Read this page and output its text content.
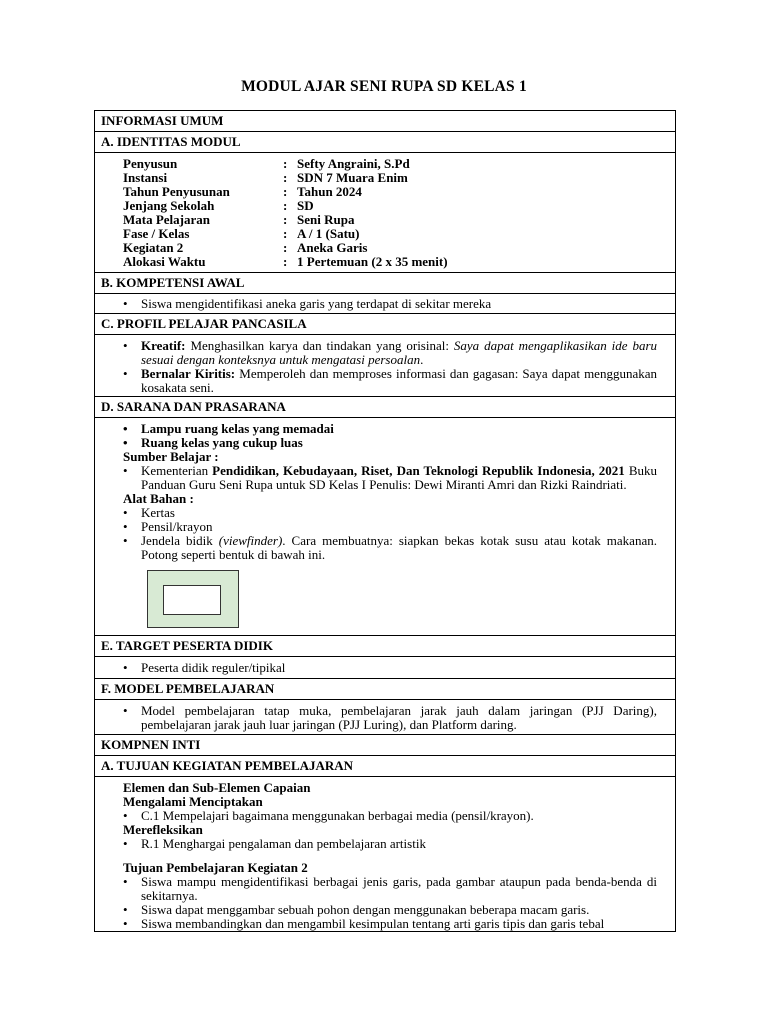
MODUL AJAR SENI RUPA SD KELAS 1
INFORMASI UMUM
A. IDENTITAS MODUL

Penyusun	: Sefty Angraini, S.Pd
Instansi	: SDN 7 Muara Enim
Tahun Penyusunan	: Tahun 2024
Jenjang Sekolah	: SD
Mata Pelajaran	: Seni Rupa
Fase / Kelas	: A / 1 (Satu)
Kegiatan 2	: Aneka Garis
Alokasi Waktu	: 1 Pertemuan (2 x 35 menit)

B. KOMPETENSI AWAL

• Siswa mengidentifikasi aneka garis yang terdapat di sekitar mereka

C. PROFIL PELAJAR PANCASILA

• Kreatif: Menghasilkan karya dan tindakan yang orisinal: Saya dapat mengaplikasikan ide baru sesuai dengan konteksnya untuk mengatasi persoalan.
• Bernalar Kiritis: Memperoleh dan memproses informasi dan gagasan: Saya dapat menggunakan kosakata seni.

D. SARANA DAN PRASARANA

• Lampu ruang kelas yang memadai
• Ruang kelas yang cukup luas
Sumber Belajar :
• Kementerian Pendidikan, Kebudayaan, Riset, Dan Teknologi Republik Indonesia, 2021 Buku Panduan Guru Seni Rupa untuk SD Kelas I Penulis: Dewi Miranti Amri dan Rizki Raindriati.
Alat Bahan :
• Kertas
• Pensil/krayon
• Jendela bidik (viewfinder). Cara membuatnya: siapkan bekas kotak susu atau kotak makanan. Potong seperti bentuk di bawah ini.

E. TARGET PESERTA DIDIK

• Peserta didik reguler/tipikal

F. MODEL PEMBELAJARAN

• Model pembelajaran tatap muka, pembelajaran jarak jauh dalam jaringan (PJJ Daring), pembelajaran jarak jauh luar jaringan (PJJ Luring), dan Platform daring.

KOMPNEN INTI
A. TUJUAN KEGIATAN PEMBELAJARAN

Elemen dan Sub-Elemen Capaian
Mengalami Menciptakan
• C.1 Mempelajari bagaimana menggunakan berbagai media (pensil/krayon).
Merefleksikan
• R.1 Menghargai pengalaman dan pembelajaran artistik
Tujuan Pembelajaran Kegiatan 2
• Siswa mampu mengidentifikasi berbagai jenis garis, pada gambar ataupun pada benda-benda di sekitarnya.
• Siswa dapat menggambar sebuah pohon dengan menggunakan beberapa macam garis.
• Siswa membandingkan dan mengambil kesimpulan tentang arti garis tipis dan garis tebal
